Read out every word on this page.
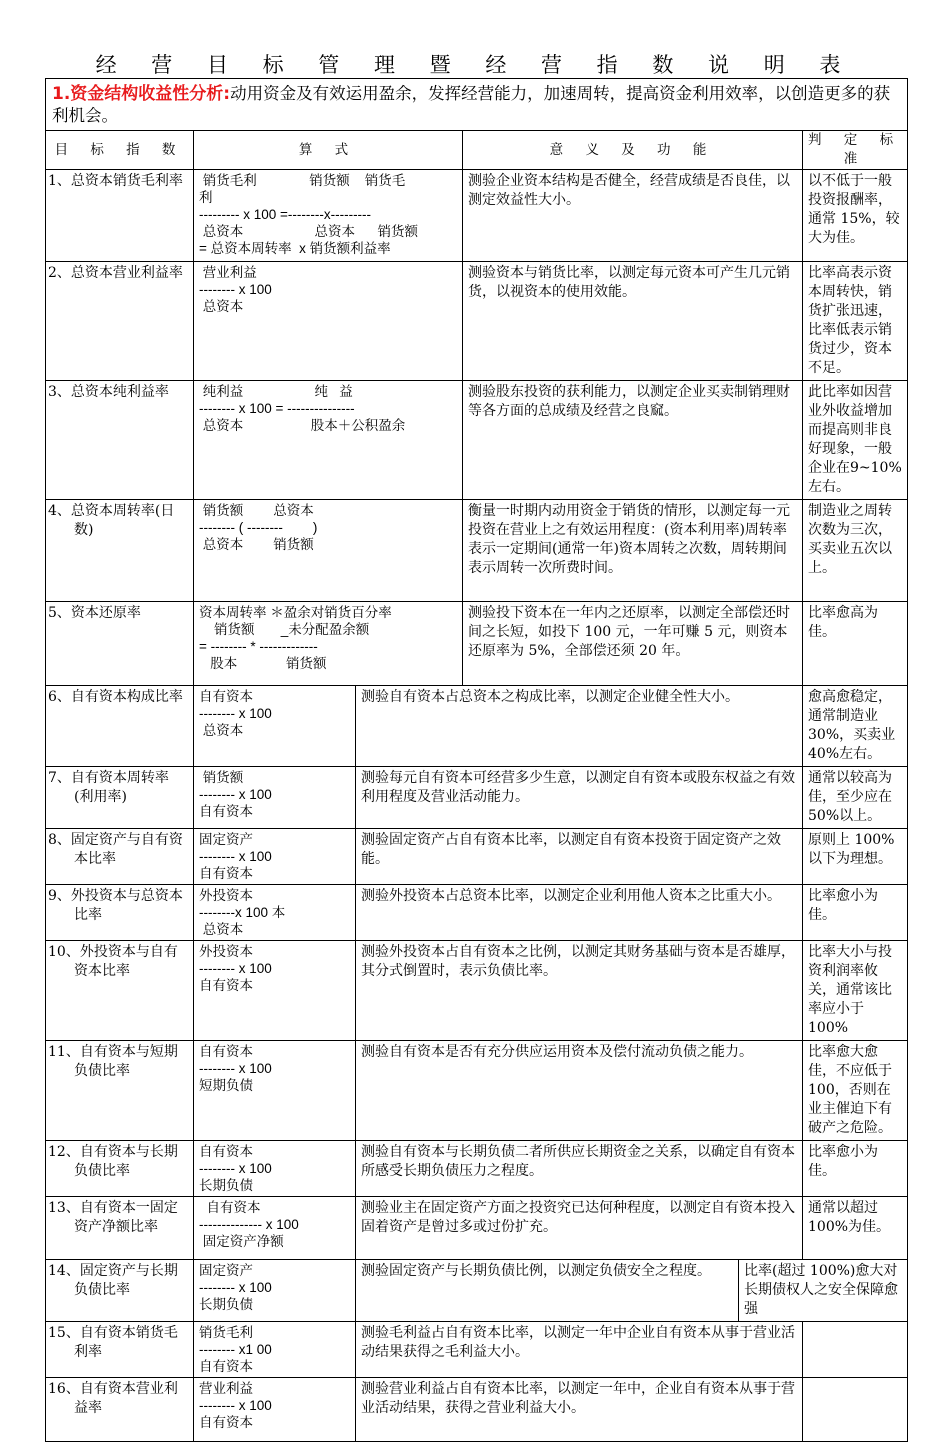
经 营 目 标 管 理 暨 经 营 指 数 说 明 表
1.资金结构收益性分析:动用资金及有效运用盈余，发挥经营能力，加速周转，提高资金利用效率，以创造更多的获利机会。					
目 标 指 数	算 式		意 义 及 功 能		判 定 标 准
1、总资本销货毛利率	销货毛利              销货额    销货毛
利
--------- x 100 =--------x---------
总资本                   总资本      销货额
= 总资本周转率  x 销货额利益率		测验企业资本结构是否健全，经营成绩是否良佳，以测定效益性大小。		以不低于一般投资报酬率，通常 15%，较大为佳。
2、总资本营业利益率	营业利益
-------- x 100
总资本		测验资本与销货比率，以测定每元资本可产生几元销货，以视资本的使用效能。		比率高表示资本周转快，销货扩张迅速，比率低表示销货过少，资本不足。
3、总资本纯利益率	纯利益                   纯   益
-------- x 100 = ---------------
总资本                  股本＋公积盈余		测验股东投资的获利能力，以测定企业买卖制销理财等各方面的总成绩及经营之良窳。		此比率如因营业外收益增加而提高则非良好现象，一般企业在9~10%左右。
4、总资本周转率(日数)	销货额        总资本
-------- ( --------        )
总资本        销货额		衡量一时期内动用资金于销货的情形，以测定每一元投资在营业上之有效运用程度：(资本利用率)周转率表示一定期间(通常一年)资本周转之次数，周转期间表示周转一次所费时间。		制造业之周转次数为三次，买卖业五次以上。
5、资本还原率	资本周转率 ＊盈余对销货百分率
销货额       _未分配盈余额
= -------- * -------------
股本             销货额		测验投下资本在一年内之还原率，以测定全部偿还时间之长短，如投下 100 元，一年可赚 5 元，则资本还原率为 5%，全部偿还须 20 年。		比率愈高为佳。
6、自有资本构成比率	自有资本
-------- x 100
总资本	测验自有资本占总资本之构成比率，以测定企业健全性大小。			愈高愈稳定，通常制造业 30%，买卖业 40%左右。
7、自有资本周转率(利用率)	销货额
-------- x 100
自有资本	测验每元自有资本可经营多少生意，以测定自有资本或股东权益之有效利用程度及营业活动能力。			通常以较高为佳，至少应在 50%以上。
8、固定资产与自有资本比率	固定资产
-------- x 100
自有资本	测验固定资产占自有资本比率，以测定自有资本投资于固定资产之效能。			原则上 100%以下为理想。
9、外投资本与总资本比率	外投资本
--------x 100 本
总资本	测验外投资本占总资本比率，以测定企业利用他人资本之比重大小。			比率愈小为佳。
10、外投资本与自有资本比率	外投资本
-------- x 100
自有资本	测验外投资本占自有资本之比例，以测定其财务基础与资本是否雄厚，其分式倒置时，表示负债比率。			比率大小与投资利润率攸关，通常该比率应小于 100%
11、自有资本与短期负债比率	自有资本
-------- x 100
短期负债	测验自有资本是否有充分供应运用资本及偿付流动负债之能力。			比率愈大愈佳，不应低于 100，否则在业主催迫下有破产之危险。
12、自有资本与长期负债比率	自有资本
-------- x 100
长期负债	测验自有资本与长期负债二者所供应长期资金之关系，以确定自有资本所感受长期负债压力之程度。			比率愈小为佳。
13、自有资本一固定资产净额比率	自有资本
-------------- x 100
固定资产净额	测验业主在固定资产方面之投资究已达何种程度，以测定自有资本投入固着资产是曾过多或过份扩充。			通常以超过 100%为佳。
14、固定资产与长期负债比率	固定资产
-------- x 100
长期负债	测验固定资产与长期负债比例，以测定负债安全之程度。		比率(超过 100%)愈大对长期债权人之安全保障愈强	
15、自有资本销货毛利率	销货毛利
-------- x1 00
自有资本	测验毛利益占自有资本比率，以测定一年中企业自有资本从事于营业活动结果获得之毛利益大小。			
16、自有资本营业利益率	营业利益
-------- x 100
自有资本	测验营业利益占自有资本比率，以测定一年中，企业自有资本从事于营业活动结果，获得之营业利益大小。			
